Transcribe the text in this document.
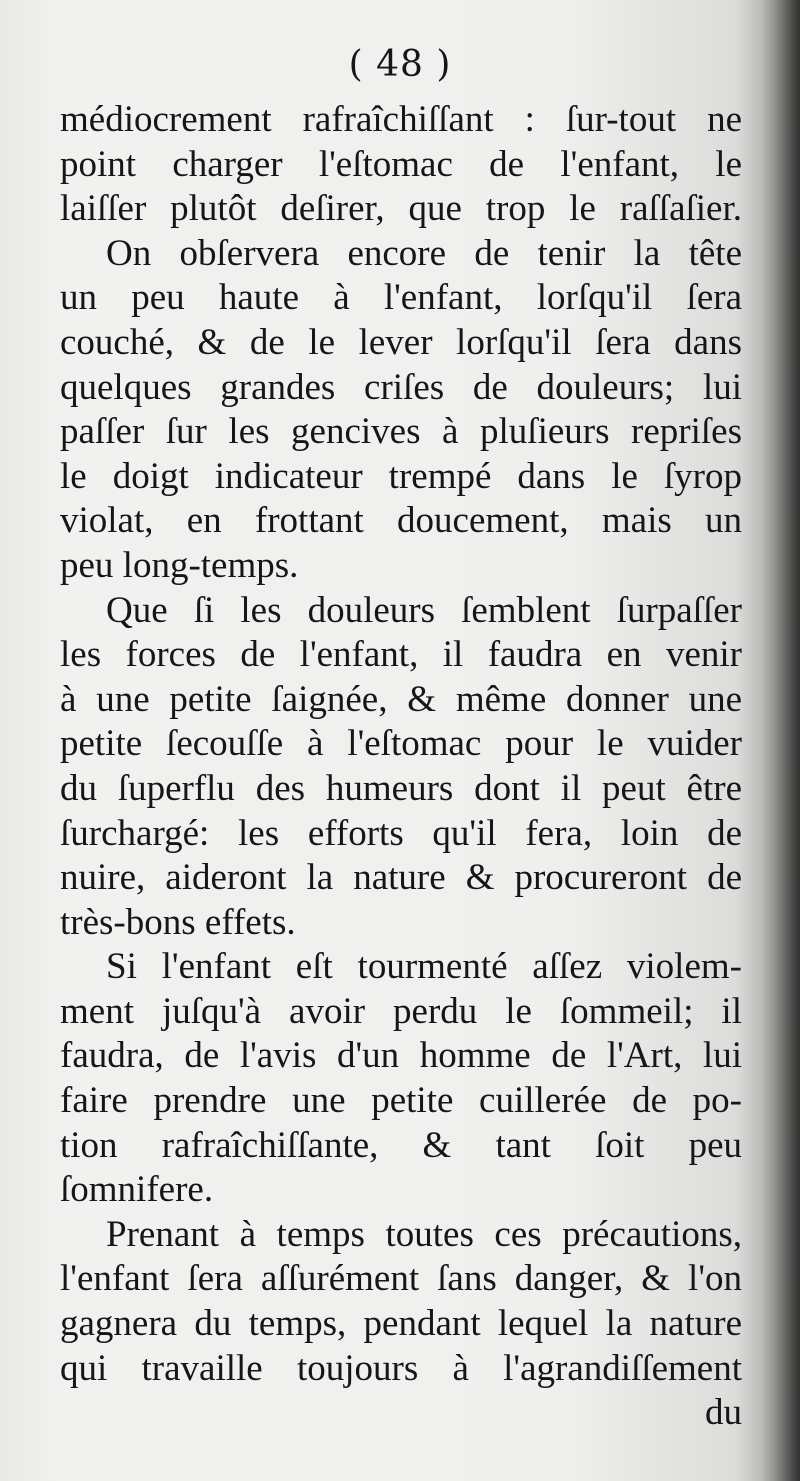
( 48 )
médiocrement rafraîchiſſant : ſur-tout ne
point charger l'eſtomac de l'enfant, le
laiſſer plutôt deſirer, que trop le raſſaſier.
On obſervera encore de tenir la tête
un peu haute à l'enfant, lorſqu'il ſera
couché, & de le lever lorſqu'il ſera dans
quelques grandes criſes de douleurs; lui
paſſer ſur les gencives à pluſieurs repriſes
le doigt indicateur trempé dans le ſyrop
violat, en frottant doucement, mais un
peu long-temps.
Que ſi les douleurs ſemblent ſurpaſſer
les forces de l'enfant, il faudra en venir
à une petite ſaignée, & même donner une
petite ſecouſſe à l'eſtomac pour le vuider
du ſuperflu des humeurs dont il peut être
ſurchargé: les efforts qu'il fera, loin de
nuire, aideront la nature & procureront de
très-bons effets.
Si l'enfant eſt tourmenté aſſez violem-
ment juſqu'à avoir perdu le ſommeil; il
faudra, de l'avis d'un homme de l'Art, lui
faire prendre une petite cuillerée de po-
tion rafraîchiſſante, & tant ſoit peu
ſomnifere.
Prenant à temps toutes ces précautions,
l'enfant ſera aſſurément ſans danger, & l'on
gagnera du temps, pendant lequel la nature
qui travaille toujours à l'agrandiſſement
du
